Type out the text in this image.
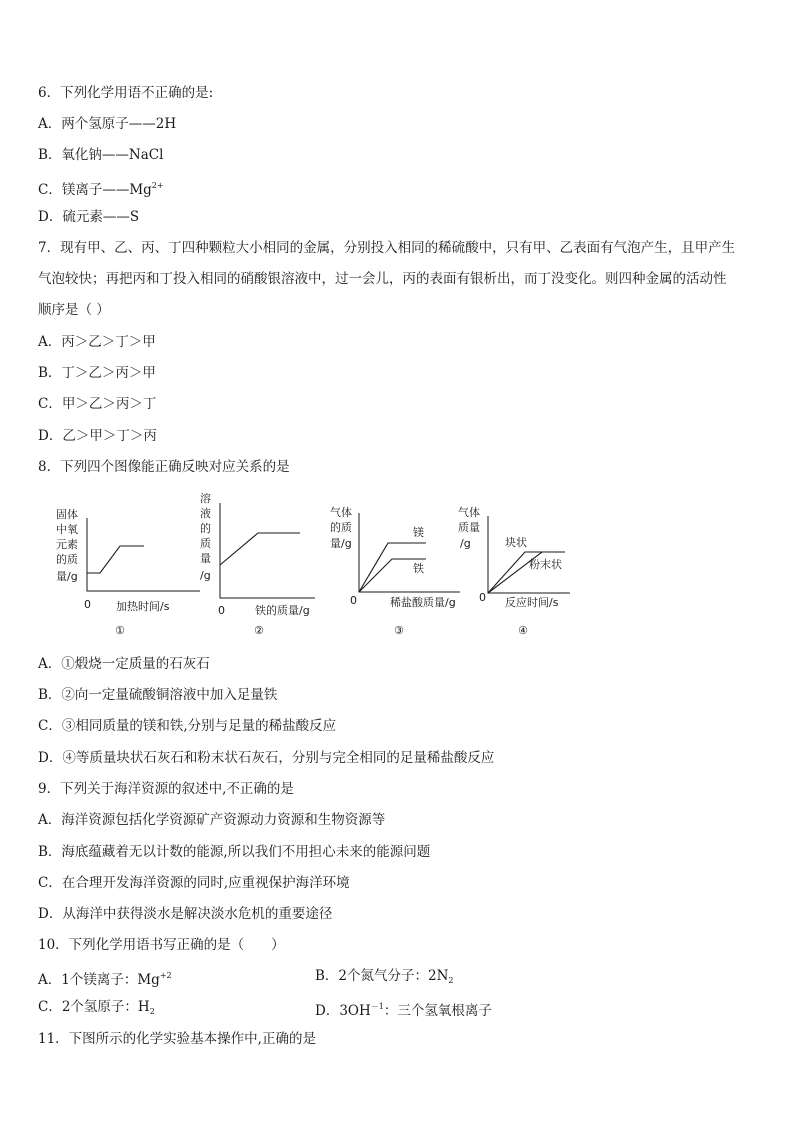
6．下列化学用语不正确的是:
A．两个氢原子——2H
B．氧化钠——NaCl
C．镁离子$——Mg^{2+}$
D．硫元素——S
7．现有甲、乙、丙、丁四种颗粒大小相同的金属，分别投入相同的稀硫酸中，只有甲、乙表面有气泡产生，且甲产生
气泡较快；再把丙和丁投入相同的硝酸银溶液中，过一会儿，丙的表面有银析出，而丁没变化。则四种金属的活动性
顺序是（ ）
A．丙＞乙＞丁＞甲
B．丁＞乙＞丙＞甲
C．甲＞乙＞丙＞丁
D．乙＞甲＞丁＞丙
8．下列四个图像能正确反映对应关系的是
固体
中氧
元素
的质
量/g
0 加热时间/s
①
溶
液
的
质
量
/g
0	铁的质量/g
②
气体
的质
量/g
镁
铁
0	稀盐酸质量/g
③
气体
质量
/g	块状
粉末状
0 反应时间/s
④
A．①煅烧一定质量的石灰石
B．②向一定量硫酸铜溶液中加入足量铁
C．③相同质量的镁和铁,分别与足量的稀盐酸反应
D．④等质量块状石灰石和粉末状石灰石，分别与完全相同的足量稀盐酸反应
9．下列关于海洋资源的叙述中,不正确的是
A．海洋资源包括化学资源矿产资源动力资源和生物资源等
B．海底蕴藏着无以计数的能源,所以我们不用担心未来的能源问题
C．在合理开发海洋资源的同时,应重视保护海洋环境
D．从海洋中获得淡水是解决淡水危机的重要途径
10．下列化学用语书写正确的是（　　）
A．1个镁离子：$Mg^{+2}$	B．2个氮气分子：$2N_2$
C．2个氢原子：$H_2$	D．$3OH^{-1}$：三个氢氧根离子
11．下图所示的化学实验基本操作中,正确的是
